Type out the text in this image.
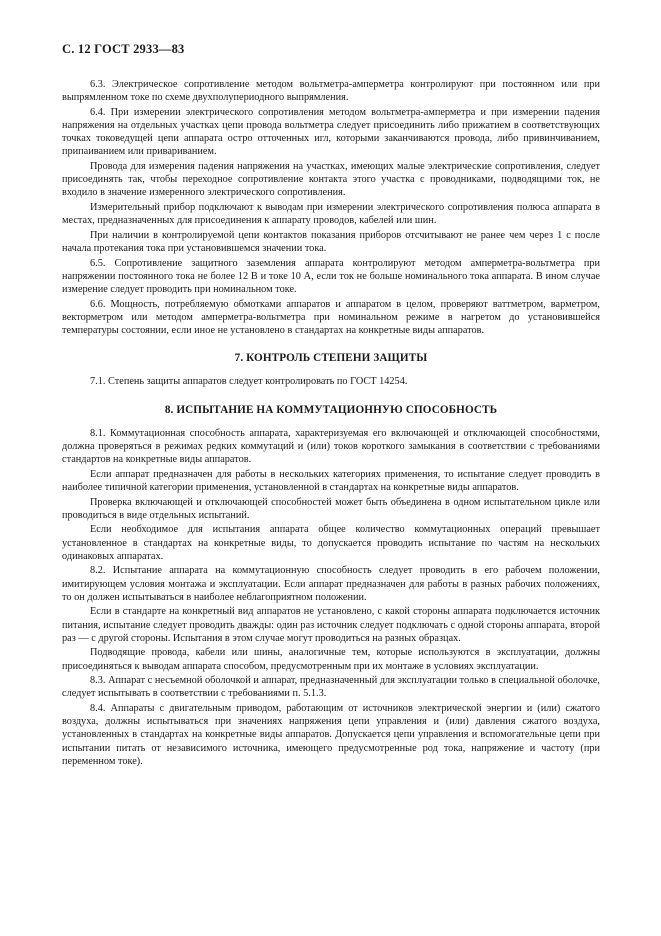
С. 12 ГОСТ 2933—83

6.3. Электрическое сопротивление методом вольтметра-амперметра контролируют при постоянном или при выпрямленном токе по схеме двухполупериодного выпрямления.

6.4. При измерении электрического сопротивления методом вольтметра-амперметра и при измерении падения напряжения на отдельных участках цепи провода вольтметра следует присоединить либо прижатием в соответствующих точках токоведущей цепи аппарата остро отточенных игл, которыми заканчиваются провода, либо привинчиванием, припаиванием или привариванием.

Провода для измерения падения напряжения на участках, имеющих малые электрические сопротивления, следует присоединять так, чтобы переходное сопротивление контакта этого участка с проводниками, подводящими ток, не входило в значение измеренного электрического сопротивления.

Измерительный прибор подключают к выводам при измерении электрического сопротивления полюса аппарата в местах, предназначенных для присоединения к аппарату проводов, кабелей или шин.

При наличии в контролируемой цепи контактов показания приборов отсчитывают не ранее чем через 1 с после начала протекания тока при установившемся значении тока.

6.5. Сопротивление защитного заземления аппарата контролируют методом амперметра-вольтметра при напряжении постоянного тока не более 12 В и токе 10 А, если ток не больше номинального тока аппарата. В ином случае измерение следует проводить при номинальном токе.

6.6. Мощность, потребляемую обмотками аппаратов и аппаратом в целом, проверяют ваттметром, варметром, векторметром или методом амперметра-вольтметра при номинальном режиме в нагретом до установившейся температуры состоянии, если иное не установлено в стандартах на конкретные виды аппаратов.

7. КОНТРОЛЬ СТЕПЕНИ ЗАЩИТЫ

7.1. Степень защиты аппаратов следует контролировать по ГОСТ 14254.

8. ИСПЫТАНИЕ НА КОММУТАЦИОННУЮ СПОСОБНОСТЬ

8.1. Коммутационная способность аппарата, характеризуемая его включающей и отключающей способностями, должна проверяться в режимах редких коммутаций и (или) токов короткого замыкания в соответствии с требованиями стандартов на конкретные виды аппаратов.

Если аппарат предназначен для работы в нескольких категориях применения, то испытание следует проводить в наиболее типичной категории применения, установленной в стандартах на конкретные виды аппаратов.

Проверка включающей и отключающей способностей может быть объединена в одном испытательном цикле или проводиться в виде отдельных испытаний.

Если необходимое для испытания аппарата общее количество коммутационных операций превышает установленное в стандартах на конкретные виды, то допускается проводить испытание по частям на нескольких одинаковых аппаратах.

8.2. Испытание аппарата на коммутационную способность следует проводить в его рабочем положении, имитирующем условия монтажа и эксплуатации. Если аппарат предназначен для работы в разных рабочих положениях, то он должен испытываться в наиболее неблагоприятном положении.

Если в стандарте на конкретный вид аппаратов не установлено, с какой стороны аппарата подключается источник питания, испытание следует проводить дважды: один раз источник следует подключать с одной стороны аппарата, второй раз — с другой стороны. Испытания в этом случае могут проводиться на разных образцах.

Подводящие провода, кабели или шины, аналогичные тем, которые используются в эксплуатации, должны присоединяться к выводам аппарата способом, предусмотренным при их монтаже в условиях эксплуатации.

8.3. Аппарат с несъемной оболочкой и аппарат, предназначенный для эксплуатации только в специальной оболочке, следует испытывать в соответствии с требованиями п. 5.1.3.

8.4. Аппараты с двигательным приводом, работающим от источников электрической энергии и (или) сжатого воздуха, должны испытываться при значениях напряжения цепи управления и (или) давления сжатого воздуха, установленных в стандартах на конкретные виды аппаратов. Допускается цепи управления и вспомогательные цепи при испытании питать от независимого источника, имеющего предусмотренные род тока, напряжение и частоту (при переменном токе).
